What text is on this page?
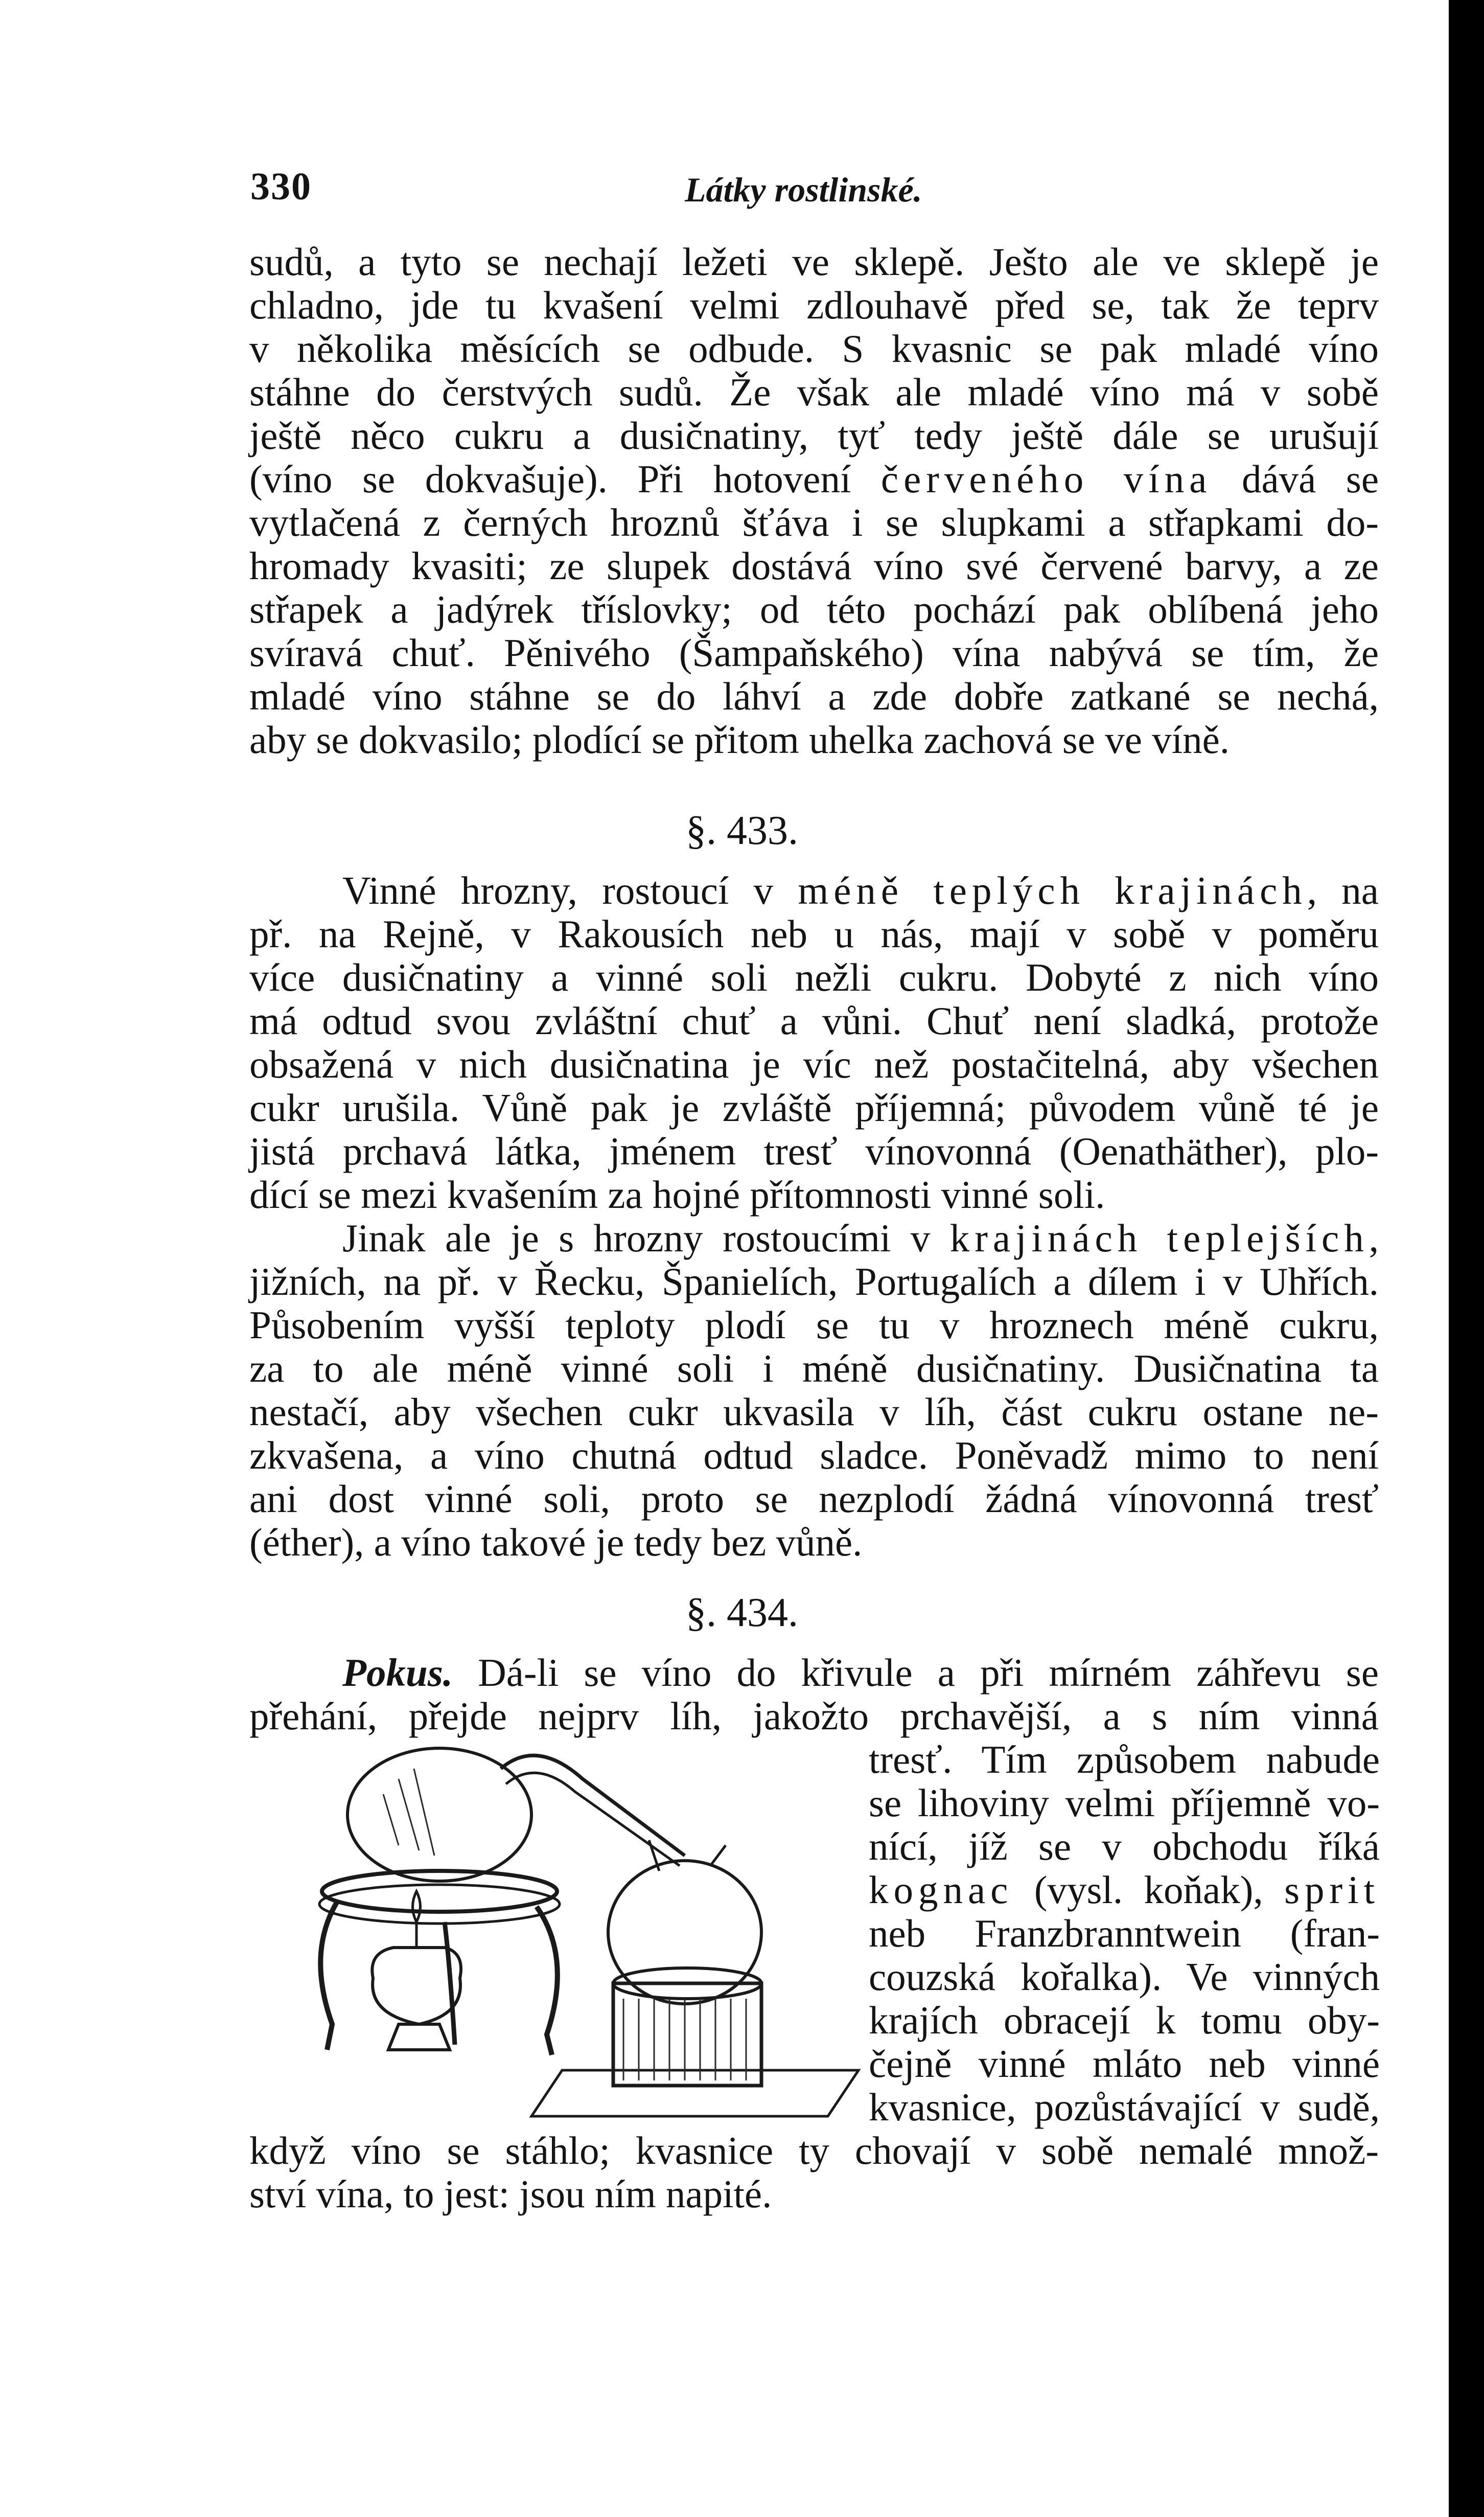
330	Látky rostlinské.
sudů, a tyto se nechají ležeti ve sklepě. Ješto ale ve sklepě je
chladno, jde tu kvašení velmi zdlouhavě před se, tak že teprv
v několika měsících se odbude. S kvasnic se pak mladé víno
stáhne do čerstvých sudů. Že však ale mladé víno má v sobě
ještě něco cukru a dusičnatiny, tyť tedy ještě dále se urušují
(víno se dokvašuje). Při hotovení červeného vína dává se
vytlačená z černých hroznů šťáva i se slupkami a střapkami do-
hromady kvasiti; ze slupek dostává víno své červené barvy, a ze
střapek a jadýrek tříslovky; od této pochází pak oblíbená jeho
svíravá chuť. Pěnivého (Šampaňského) vína nabývá se tím, že
mladé víno stáhne se do láhví a zde dobře zatkané se nechá,
aby se dokvasilo; plodící se přitom uhelka zachová se ve víně.
§. 433.
Vinné hrozny, rostoucí v méně teplých krajinách, na
př. na Rejně, v Rakousích neb u nás, mají v sobě v poměru
více dusičnatiny a vinné soli nežli cukru. Dobyté z nich víno
má odtud svou zvláštní chuť a vůni. Chuť není sladká, protože
obsažená v nich dusičnatina je víc než postačitelná, aby všechen
cukr urušila. Vůně pak je zvláště příjemná; původem vůně té je
jistá prchavá látka, jménem tresť vínovonná (Oenathäther), plo-
dící se mezi kvašením za hojné přítomnosti vinné soli.
Jinak ale je s hrozny rostoucími v krajinách teplejších,
jižních, na př. v Řecku, Španielích, Portugalích a dílem i v Uhřích.
Působením vyšší teploty plodí se tu v hroznech méně cukru,
za to ale méně vinné soli i méně dusičnatiny. Dusičnatina ta
nestačí, aby všechen cukr ukvasila v líh, část cukru ostane ne-
zkvašena, a víno chutná odtud sladce. Poněvadž mimo to není
ani dost vinné soli, proto se nezplodí žádná vínovonná tresť
(éther), a víno takové je tedy bez vůně.
§. 434.
Pokus. Dá-li se víno do křivule a při mírném záhřevu se
přehání, přejde nejprv líh, jakožto prchavější, a s ním vinná
tresť. Tím způsobem nabude
se lihoviny velmi příjemně vo-
nící, jíž se v obchodu říká
kognac (vysl. koňak), sprit
neb Franzbranntwein (fran-
couzská kořalka). Ve vinných
krajích obracejí k tomu oby-
čejně vinné mláto neb vinné
kvasnice, pozůstávající v sudě,
když víno se stáhlo; kvasnice ty chovají v sobě nemalé množ-
ství vína, to jest: jsou ním napité.
